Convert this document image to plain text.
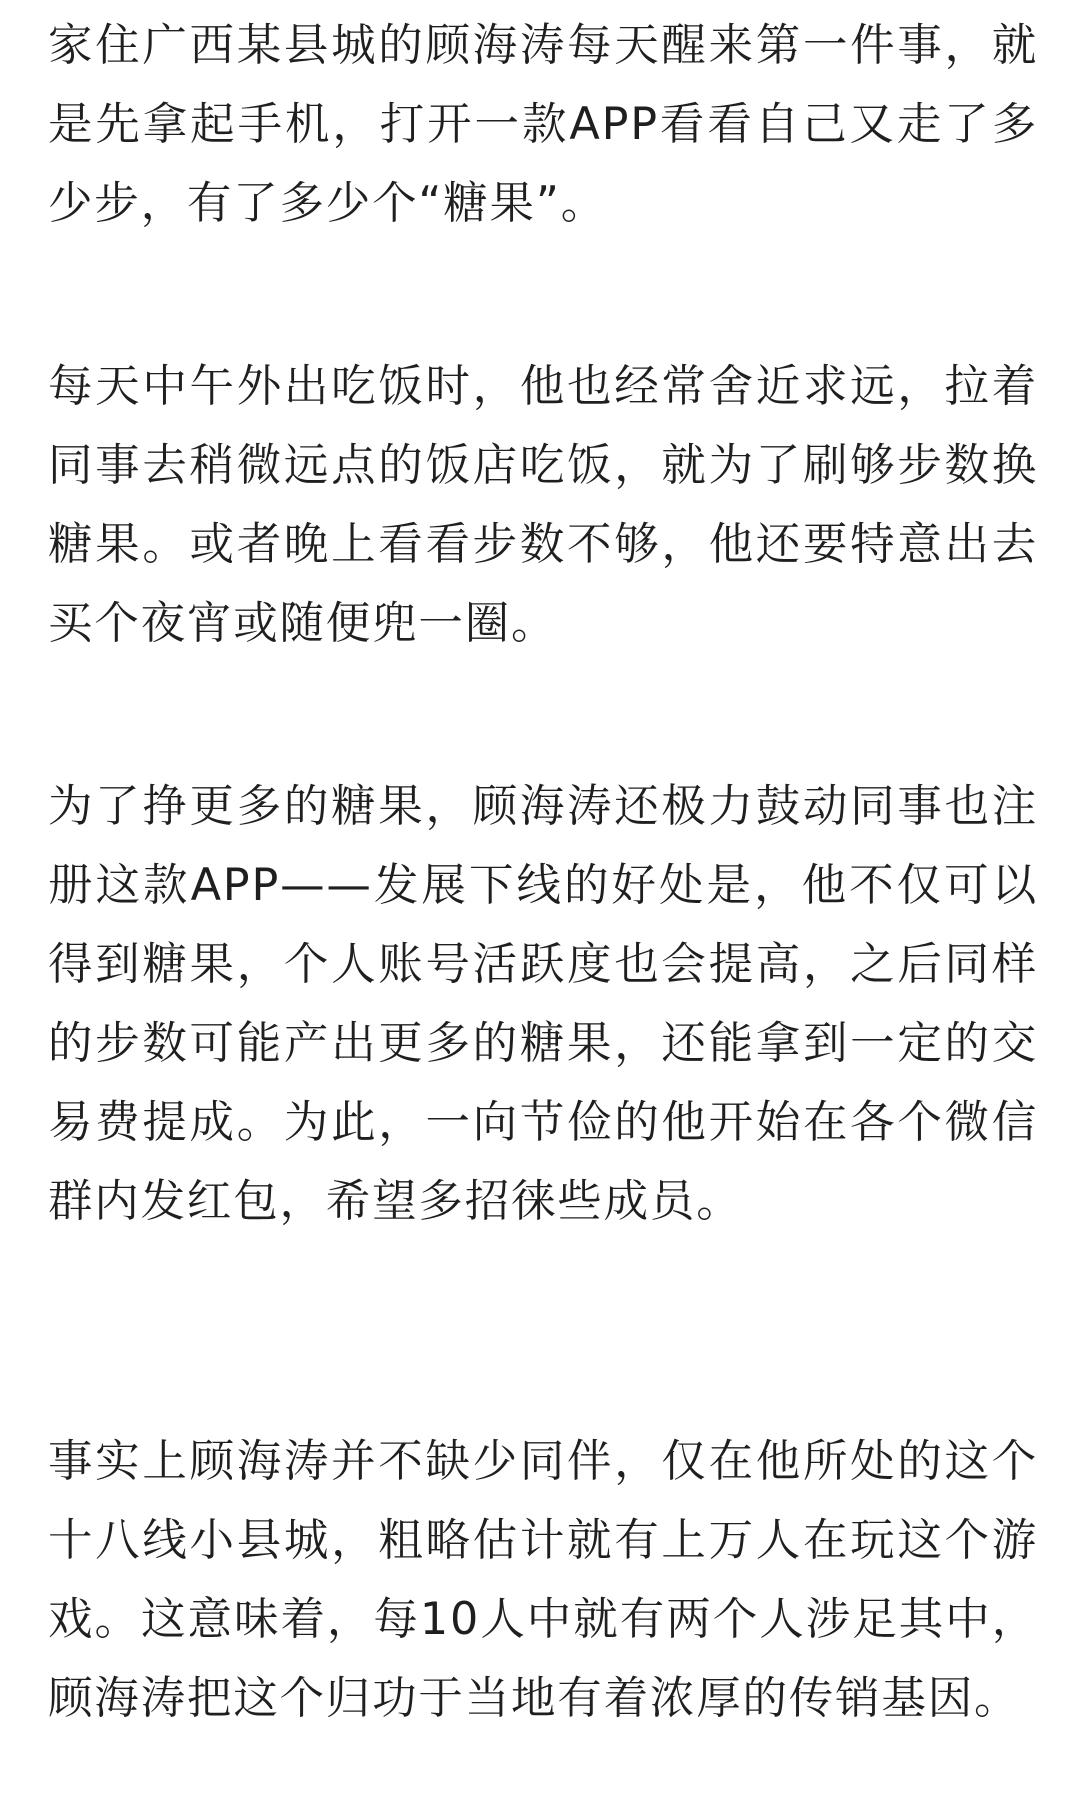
家住广西某县城的顾海涛每天醒来第一件事，就是先拿起手机，打开一款APP看看自己又走了多少步，有了多少个“糖果”。

每天中午外出吃饭时，他也经常舍近求远，拉着同事去稍微远点的饭店吃饭，就为了刷够步数换糖果。或者晚上看看步数不够，他还要特意出去买个夜宵或随便兜一圈。

为了挣更多的糖果，顾海涛还极力鼓动同事也注册这款APP——发展下线的好处是，他不仅可以得到糖果，个人账号活跃度也会提高，之后同样的步数可能产出更多的糖果，还能拿到一定的交易费提成。为此，一向节俭的他开始在各个微信群内发红包，希望多招徕些成员。

事实上顾海涛并不缺少同伴，仅在他所处的这个十八线小县城，粗略估计就有上万人在玩这个游戏。这意味着，每10人中就有两个人涉足其中，顾海涛把这个归功于当地有着浓厚的传销基因。
